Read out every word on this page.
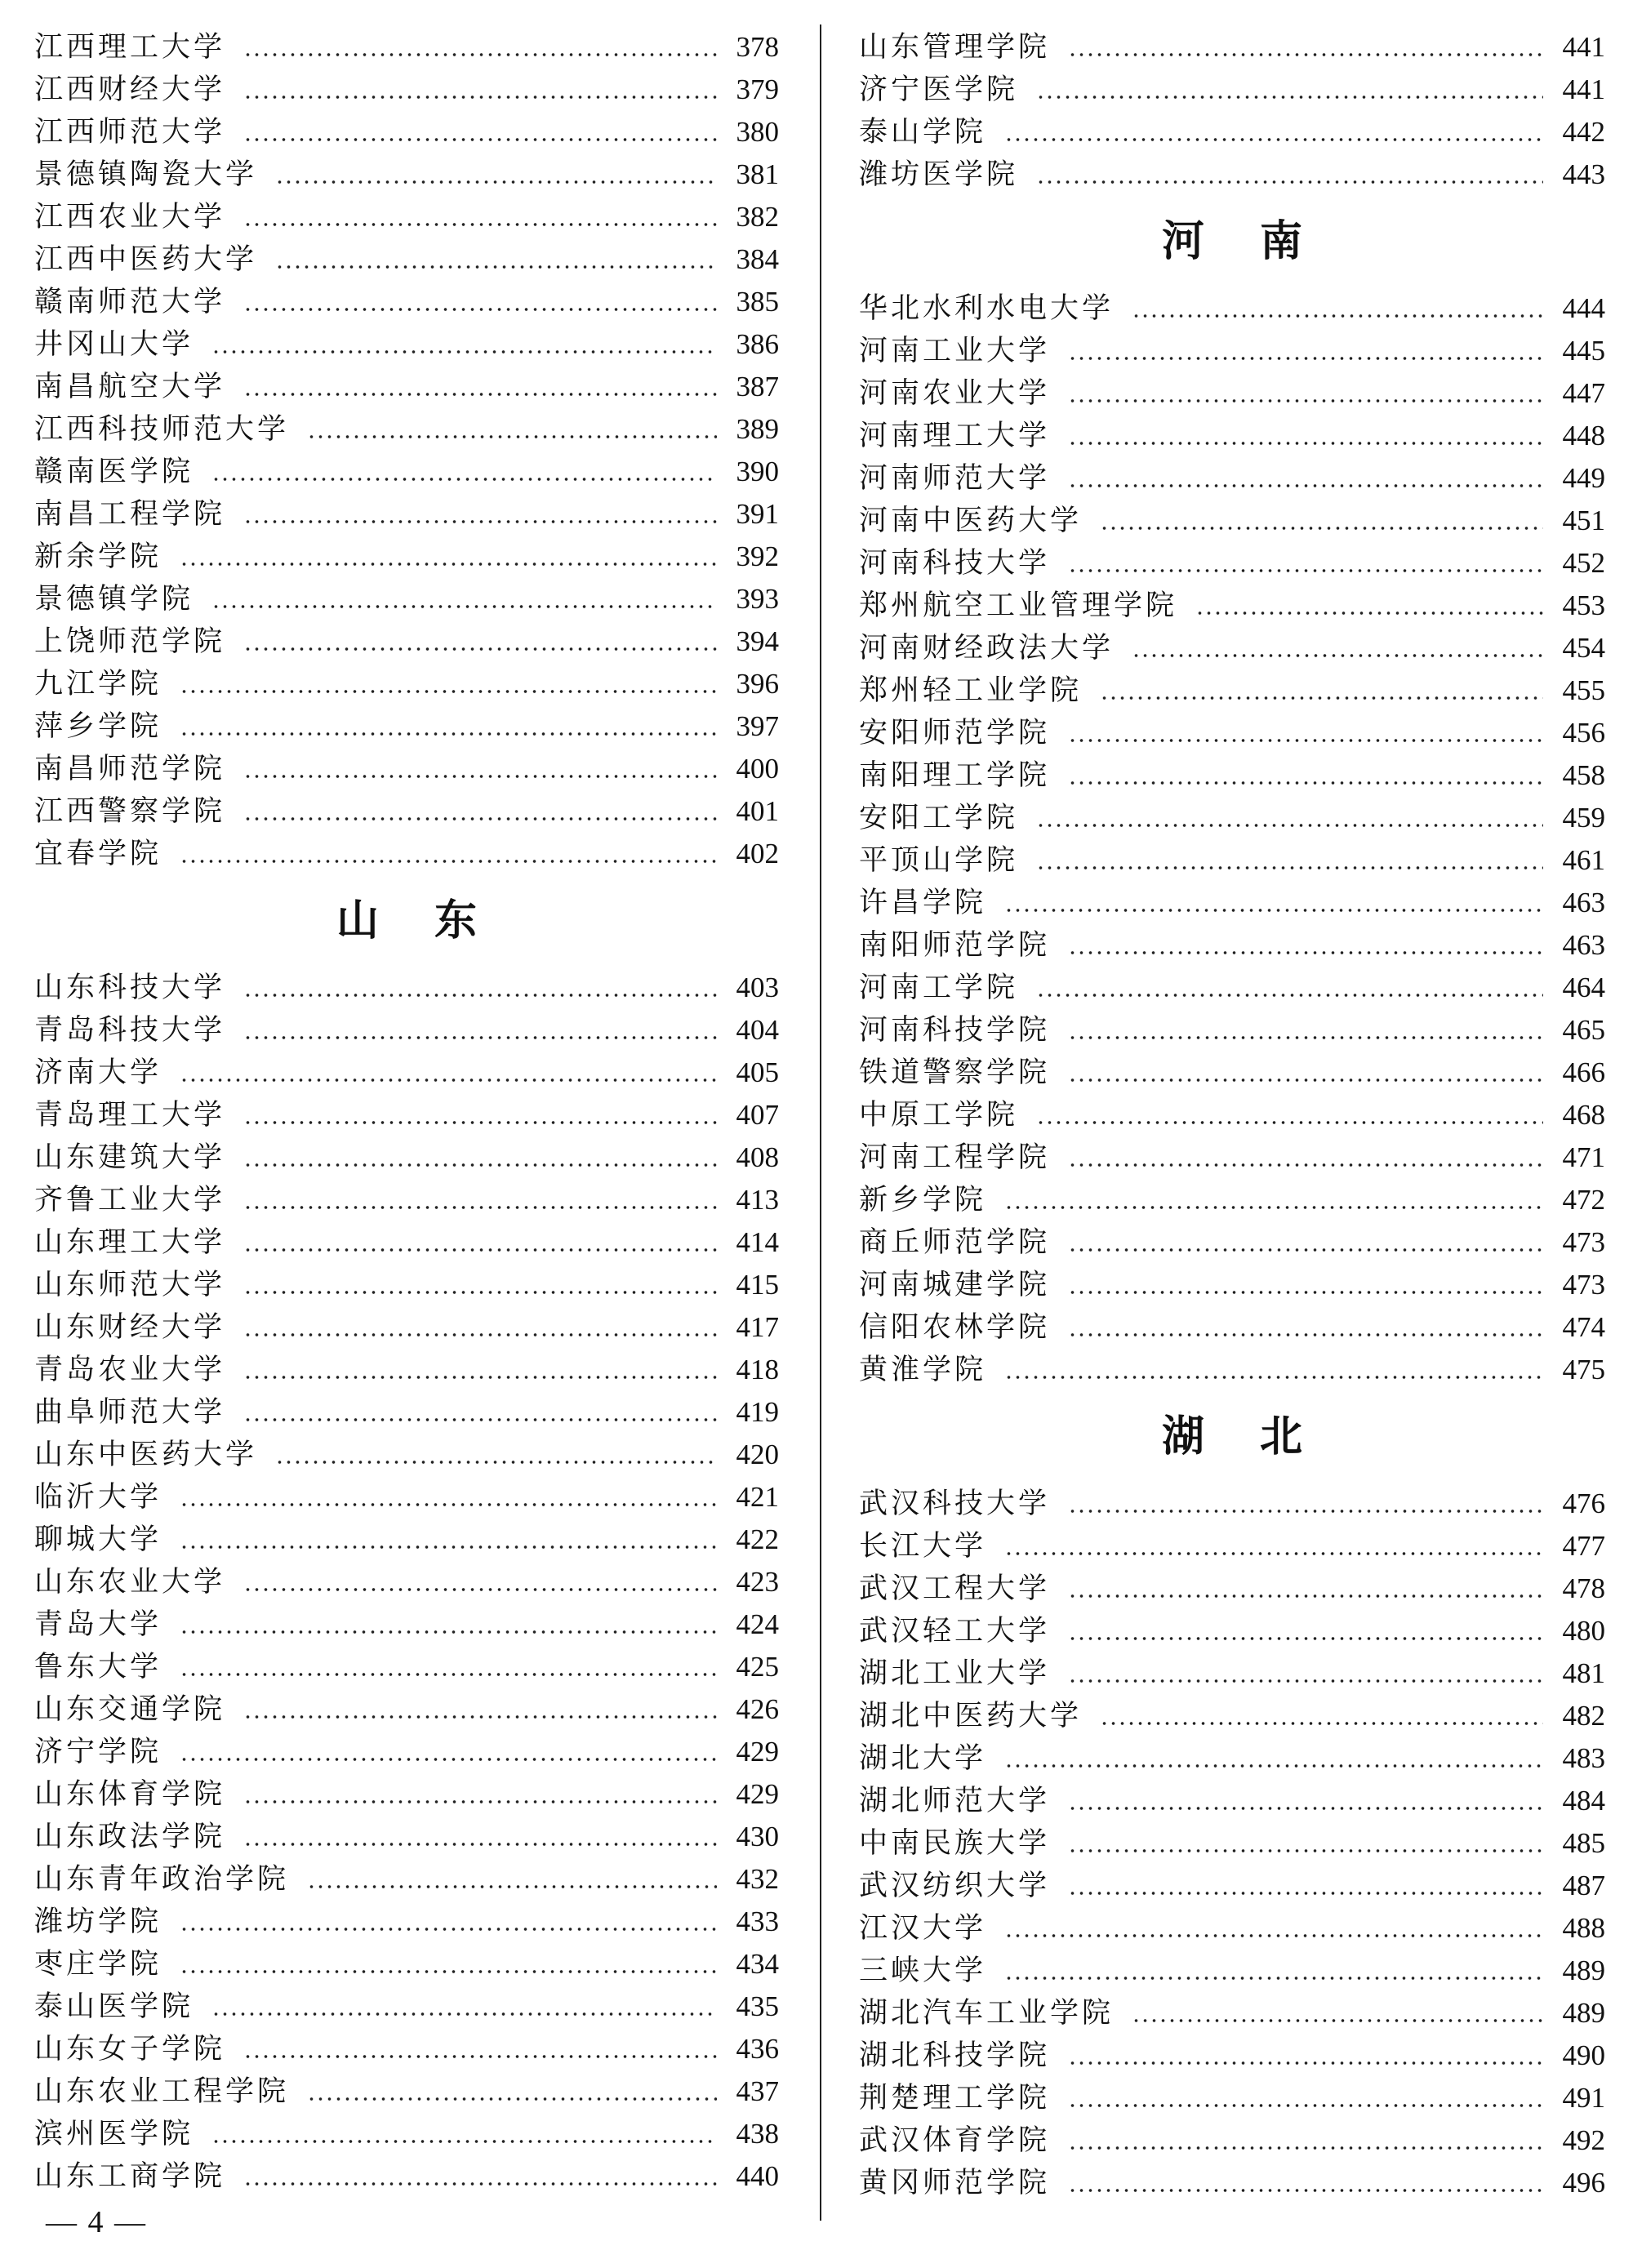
江西理工大学	378
江西财经大学	379
江西师范大学	380
景德镇陶瓷大学	381
江西农业大学	382
江西中医药大学	384
赣南师范大学	385
井冈山大学	386
南昌航空大学	387
江西科技师范大学	389
赣南医学院	390
南昌工程学院	391
新余学院	392
景德镇学院	393
上饶师范学院	394
九江学院	396
萍乡学院	397
南昌师范学院	400
江西警察学院	401
宜春学院	402
山东
山东科技大学	403
青岛科技大学	404
济南大学	405
青岛理工大学	407
山东建筑大学	408
齐鲁工业大学	413
山东理工大学	414
山东师范大学	415
山东财经大学	417
青岛农业大学	418
曲阜师范大学	419
山东中医药大学	420
临沂大学	421
聊城大学	422
山东农业大学	423
青岛大学	424
鲁东大学	425
山东交通学院	426
济宁学院	429
山东体育学院	429
山东政法学院	430
山东青年政治学院	432
潍坊学院	433
枣庄学院	434
泰山医学院	435
山东女子学院	436
山东农业工程学院	437
滨州医学院	438
山东工商学院	440
山东管理学院	441
济宁医学院	441
泰山学院	442
潍坊医学院	443
河南
华北水利水电大学	444
河南工业大学	445
河南农业大学	447
河南理工大学	448
河南师范大学	449
河南中医药大学	451
河南科技大学	452
郑州航空工业管理学院	453
河南财经政法大学	454
郑州轻工业学院	455
安阳师范学院	456
南阳理工学院	458
安阳工学院	459
平顶山学院	461
许昌学院	463
南阳师范学院	463
河南工学院	464
河南科技学院	465
铁道警察学院	466
中原工学院	468
河南工程学院	471
新乡学院	472
商丘师范学院	473
河南城建学院	473
信阳农林学院	474
黄淮学院	475
湖北
武汉科技大学	476
长江大学	477
武汉工程大学	478
武汉轻工大学	480
湖北工业大学	481
湖北中医药大学	482
湖北大学	483
湖北师范大学	484
中南民族大学	485
武汉纺织大学	487
江汉大学	488
三峡大学	489
湖北汽车工业学院	489
湖北科技学院	490
荆楚理工学院	491
武汉体育学院	492
黄冈师范学院	496
— 4 —
